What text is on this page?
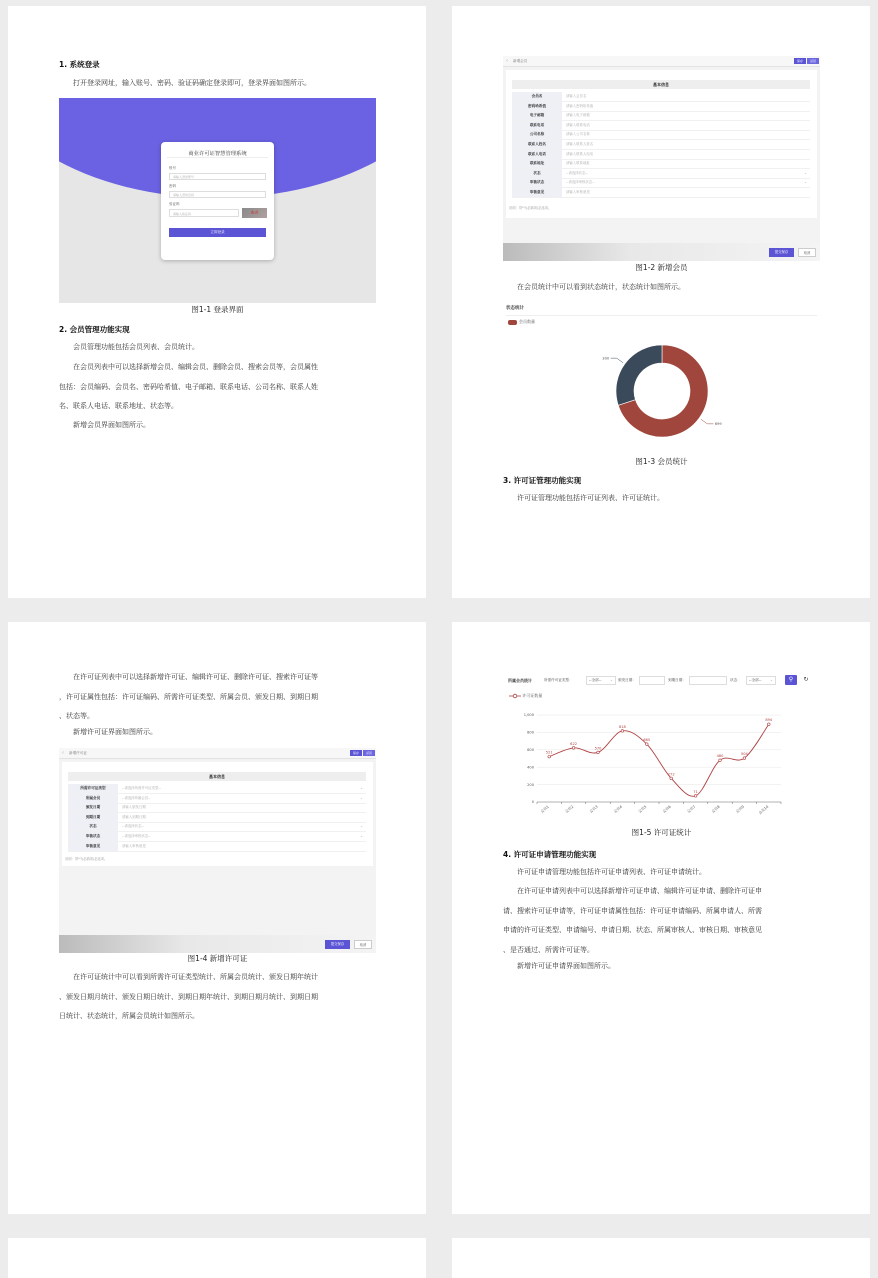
1. 系统登录
打开登录网址，输入账号、密码、验证码确定登录即可，登录界面如图所示。
商业许可证智慧管理系统
账号
请输入登录账号
密码
请输入登录密码
验证码
请输入验证码	4nX
立即登录
图1-1 登录界面
2. 会员管理功能实现
会员管理功能包括会员列表、会员统计。
在会员列表中可以选择新增会员、编辑会员、删除会员、搜索会员等，会员属性
包括：会员编码、会员名、密码哈希值、电子邮箱、联系电话、公司名称、联系人姓
名、联系人电话、联系地址、状态等。
新增会员界面如图所示。
‹ 新增会员	保存	返回
基本信息
会员名	请输入会员名
密码哈希值	请输入密码哈希值
电子邮箱	请输入电子邮箱
联系电话	请输入联系电话
公司名称	请输入公司名称
联系人姓名	请输入联系人姓名
联系人电话	请输入联系人电话
联系地址	请输入联系地址
状态	--请选择状态--	⌄
审核状态	--请选择审核状态--	⌄
审核意见	请输入审核意见
说明：带*为必填项/必选项。
提交保存	取消
图1-2 新增会员
在会员统计中可以看到状态统计，状态统计如图所示。
状态统计
会员数量
699
300
图1-3 会员统计
3. 许可证管理功能实现
许可证管理功能包括许可证列表、许可证统计。
在许可证列表中可以选择新增许可证、编辑许可证、删除许可证、搜索许可证等
，许可证属性包括：许可证编码、所需许可证类型、所属会员、颁发日期、到期日期
、状态等。
新增许可证界面如图所示。
‹ 新增许可证	保存	返回
基本信息
所需许可证类型	--请选择所需许可证类型--	⌄
所属会员	--请选择所属会员--	⌄
颁发日期	请输入颁发日期
到期日期	请输入到期日期
状态	--请选择状态--	⌄
审核状态	--请选择审核状态--	⌄
审核意见	请输入审核意见
说明：带*为必填项/必选项。
提交保存	取消
图1-4 新增许可证
在许可证统计中可以看到所需许可证类型统计、所属会员统计、颁发日期年统计
、颁发日期月统计、颁发日期日统计、到期日期年统计、到期日期月统计、到期日期
日统计、状态统计，所属会员统计如图所示。
所属会员统计	所需许可证类型：	--全部-- ⌄ 颁发日期：	到期日期：	状态：	--全部-- ⌄	⚲	↻
许可证数量
0
200
400
600
800
1,000
会员1	会员2	会员3	会员4	会员5	会员6	会员7	会员8	会员9	会员10
521
622
570
818
665
272
71
480
504
894
图1-5 许可证统计
4. 许可证申请管理功能实现
许可证申请管理功能包括许可证申请列表、许可证申请统计。
在许可证申请列表中可以选择新增许可证申请、编辑许可证申请、删除许可证申
请、搜索许可证申请等，许可证申请属性包括：许可证申请编码、所属申请人、所需
申请的许可证类型、申请编号、申请日期、状态、所属审核人、审核日期、审核意见
、是否通过、所需许可证等。
新增许可证申请界面如图所示。
